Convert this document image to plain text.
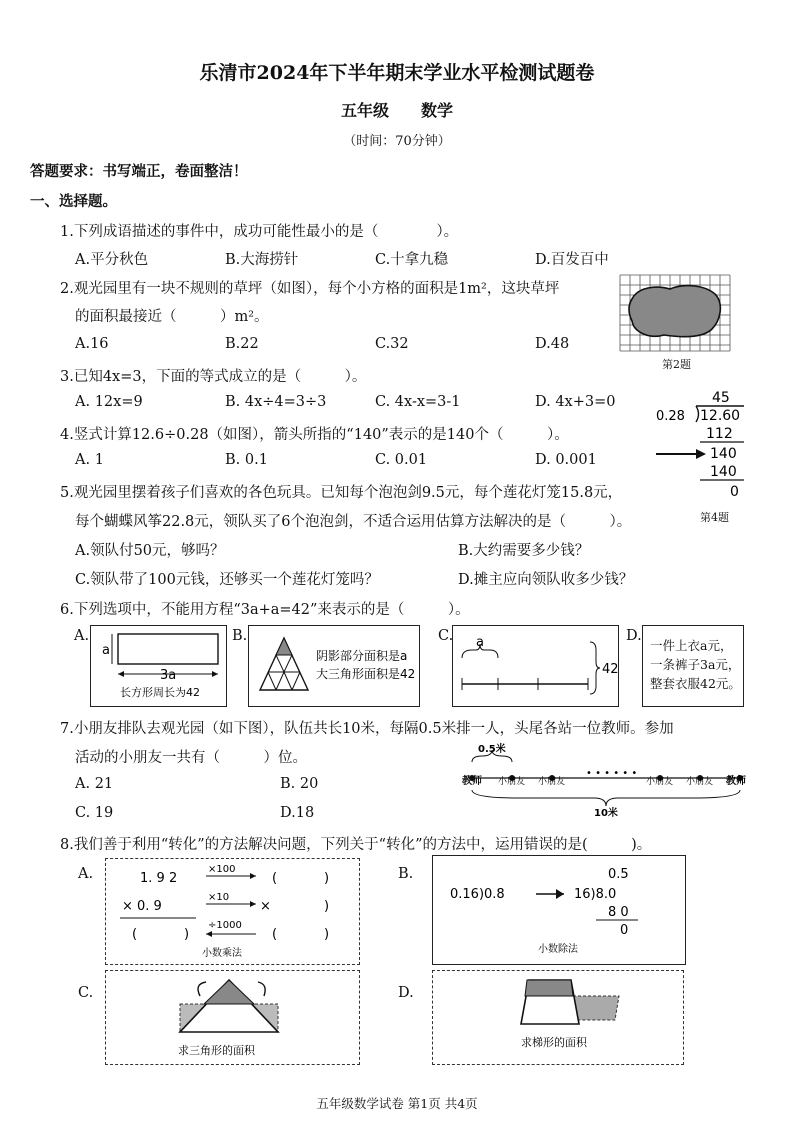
乐清市2024年下半年期末学业水平检测试题卷
五年级　　数学
（时间：70分钟）
答题要求：书写端正，卷面整洁！
一、选择题。
1.下列成语描述的事件中，成功可能性最小的是（　　　　）。
A.平分秋色	B.大海捞针	C.十拿九稳	D.百发百中
2.观光园里有一块不规则的草坪（如图），每个小方格的面积是1m²，这块草坪
的面积最接近（　　　）m²。
A.16	B.22	C.32	D.48
第2题
3.已知4x=3，下面的等式成立的是（　　　）。
A. 12x=9	B. 4x÷4=3÷3	C. 4x-x=3-1	D. 4x+3=0
4.竖式计算12.6÷0.28（如图），箭头所指的“140”表示的是140个（　　　）。
A. 1	B. 0.1	C. 0.01	D. 0.001
45
0.28 12.60
112
140
140
0
第4题
5.观光园里摆着孩子们喜欢的各色玩具。已知每个泡泡剑9.5元，每个莲花灯笼15.8元，
每个蝴蝶风筝22.8元，领队买了6个泡泡剑，不适合运用估算方法解决的是（　　　）。
A.领队付50元，够吗？	B.大约需要多少钱？
C.领队带了100元钱，还够买一个莲花灯笼吗？	D.摊主应向领队收多少钱？
6.下列选项中，不能用方程“3a+a=42”来表示的是（　　　）。
A.
a
3a
长方形周长为42
B.
阴影部分面积是a
大三角形面积是42
C. a
42
D.
一件上衣a元，
一条裤子3a元，
整套衣服42元。
7.小朋友排队去观光园（如下图），队伍共长10米，每隔0.5米排一人，头尾各站一位教师。参加
活动的小朋友一共有（　　　）位。
A. 21	B. 20
C. 19	D.18
0.5米
教师 小朋友 小朋友
• • • • • •
小朋友 小朋友 教师
10米
8.我们善于利用“转化”的方法解决问题，下列关于“转化”的方法中，运用错误的是(　　　)。
A.	1. 9 2
×100
(	)
× 0. 9
×10
×	)
(	)
÷1000
(	)
小数乘法
B.
0.16)0.8
0.5
16)8.0
8 0
0
小数除法
C.
求三角形的面积
D.
求梯形的面积
五年级数学试卷 第1页 共4页
